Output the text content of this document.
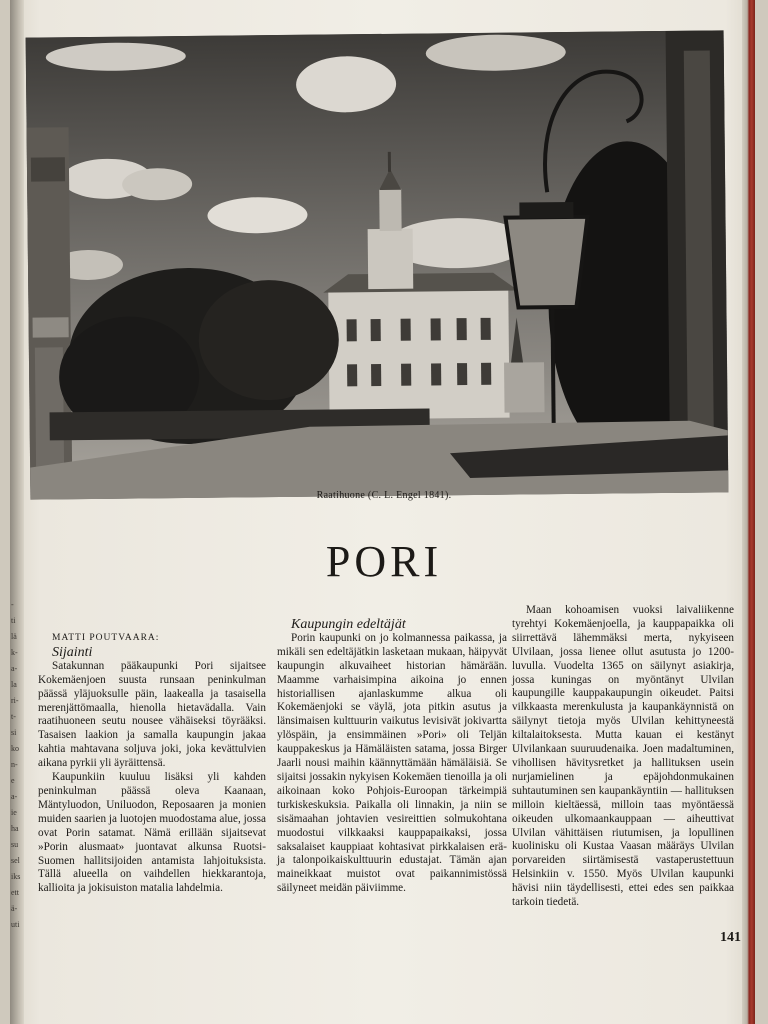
-
ti
lä
k-
a-
la
ri-
t-
si
ko
n-
e
a-
ie
ha
su
sel
iks
ett
ä-
uti
Raatihuone (C. L. Engel 1841).
PORI

MATTI POUTVAARA:

Sijainti

Satakunnan pääkaupunki Pori sijaitsee Kokemäenjoen suusta runsaan peninkulman päässä yläjuoksulle päin, laakealla ja tasaisella merenjättömaalla, hienolla hietavädalla. Vain raatihuoneen seutu nousee vähäiseksi töyrääksi. Tasaisen laakion ja samalla kaupungin jakaa kahtia mahtavana soljuva joki, joka kevättulvien aikana pyrkii yli äyräittensä.

Kaupunkiin kuuluu lisäksi yli kahden peninkulman päässä oleva Kaanaan, Mäntyluodon, Uniluodon, Reposaaren ja monien muiden saarien ja luotojen muodostama alue, jossa ovat Porin satamat. Nämä erillään sijaitsevat »Porin alusmaat» juontavat alkunsa Ruotsi-Suomen hallitsijoiden antamista lahjoituksista. Tällä alueella on vaihdellen hiekkarantoja, kallioita ja jokisuiston matalia lahdelmia.

Kaupungin edeltäjät

Porin kaupunki on jo kolmannessa paikassa, ja mikäli sen edeltäjätkin lasketaan mukaan, häipyvät kaupungin alkuvaiheet historian hämärään. Maamme varhaisimpina aikoina jo ennen historiallisen ajanlaskumme alkua oli Kokemäenjoki se väylä, jota pitkin asutus ja länsimaisen kulttuurin vaikutus levisivät jokivartta ylöspäin, ja ensimmäinen »Pori» oli Teljän kauppakeskus ja Hämäläisten satama, jossa Birger Jaarli nousi maihin käännyttämään hämäläisiä. Se sijaitsi jossakin nykyisen Kokemäen tienoilla ja oli aikoinaan koko Pohjois-Euroopan tärkeimpiä turkiskeskuksia. Paikalla oli linnakin, ja niin se sisämaahan johtavien vesireittien solmukohtana muodostui vilkkaaksi kauppapaikaksi, jossa saksalaiset kauppiaat kohtasivat pirkkalaisen erä- ja talonpoikaiskulttuurin edustajat. Tämän ajan maineikkaat muistot ovat paikannimistössä säilyneet meidän päiviimme.

Maan kohoamisen vuoksi laivaliikenne tyrehtyi Kokemäenjoella, ja kauppapaikka oli siirrettävä lähemmäksi merta, nykyiseen Ulvilaan, jossa lienee ollut asutusta jo 1200-luvulla. Vuodelta 1365 on säilynyt asiakirja, jossa kuningas on myöntänyt Ulvilan kaupungille kauppakaupungin oikeudet. Paitsi vilkkaasta merenkulusta ja kaupankäynnistä on säilynyt tietoja myös Ulvilan kehittyneestä kiltalaitoksesta. Mutta kauan ei kestänyt Ulvilankaan suuruudenaika. Joen madaltuminen, vihollisen hävitysretket ja hallituksen usein nurjamielinen ja epäjohdonmukainen suhtautuminen sen kaupankäyntiin — hallituksen milloin kieltäessä, milloin taas myöntäessä oikeuden ulkomaankauppaan — aiheuttivat Ulvilan vähittäisen riutumisen, ja lopullinen kuolinisku oli Kustaa Vaasan määräys Ulvilan porvareiden siirtämisestä vastaperustettuun Helsinkiin v. 1550. Myös Ulvilan kaupunki hävisi niin täydellisesti, ettei edes sen paikkaa tarkoin tiedetä.

141
